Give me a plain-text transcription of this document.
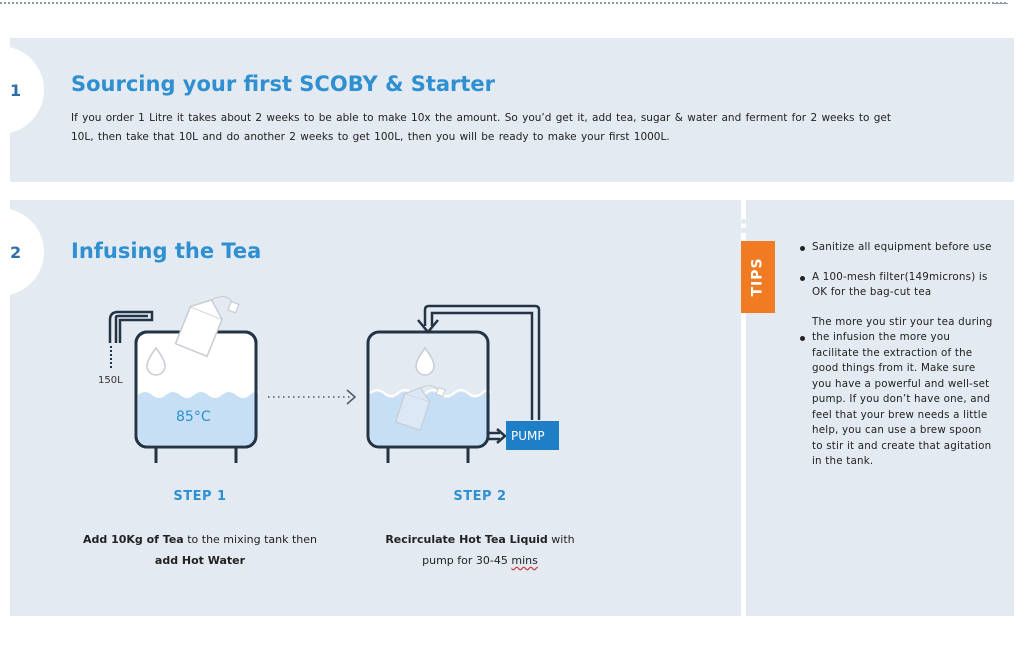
1	Sourcing your first SCOBY & Starter

If you order 1 Litre it takes about 2 weeks to be able to make 10x the amount. So you’d get it, add tea, sugar & water and ferment for 2 weeks to get

10L, then take that 10L and do another 2 weeks to get 100L, then you will be ready to make your first 1000L.

2	Infusing the Tea
150L
85°C
PUMP
STEP 1	STEP 2
Add 10Kg of Tea to the mixing tank then
add Hot Water
Recirculate Hot Tea Liquid with
pump for 30-45 mins
TIPS
Sanitize all equipment before use
A 100-mesh filter(149microns) is OK for the bag-cut tea
The more you stir your tea during the infusion the more you facilitate the extraction of the good things from it. Make sure you have a powerful and well-set pump. If you don’t have one, and feel that your brew needs a little help, you can use a brew spoon to stir it and create that agitation in the tank.
